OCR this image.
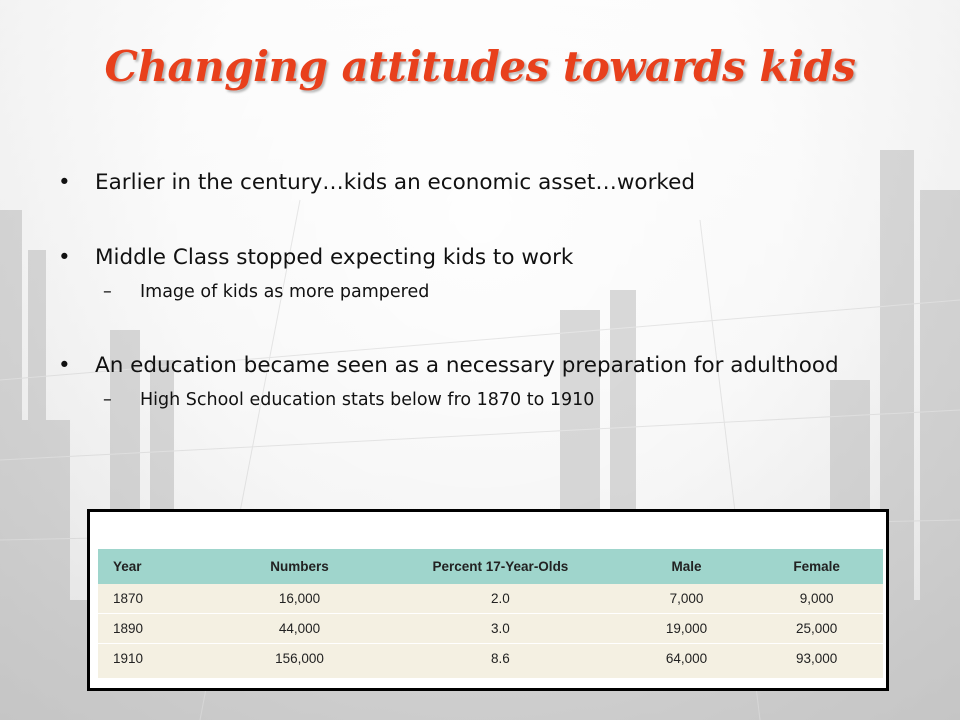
Changing attitudes towards kids
• Earlier in the century…kids an economic asset…worked
• Middle Class stopped expecting kids to work
– Image of kids as more pampered
• An education became seen as a necessary preparation for adulthood
– High School education stats below fro 1870 to 1910
Year	Numbers	Percent 17-Year-Olds	Male	Female
1870	16,000	2.0	7,000	9,000
1890	44,000	3.0	19,000	25,000
1910	156,000	8.6	64,000	93,000
